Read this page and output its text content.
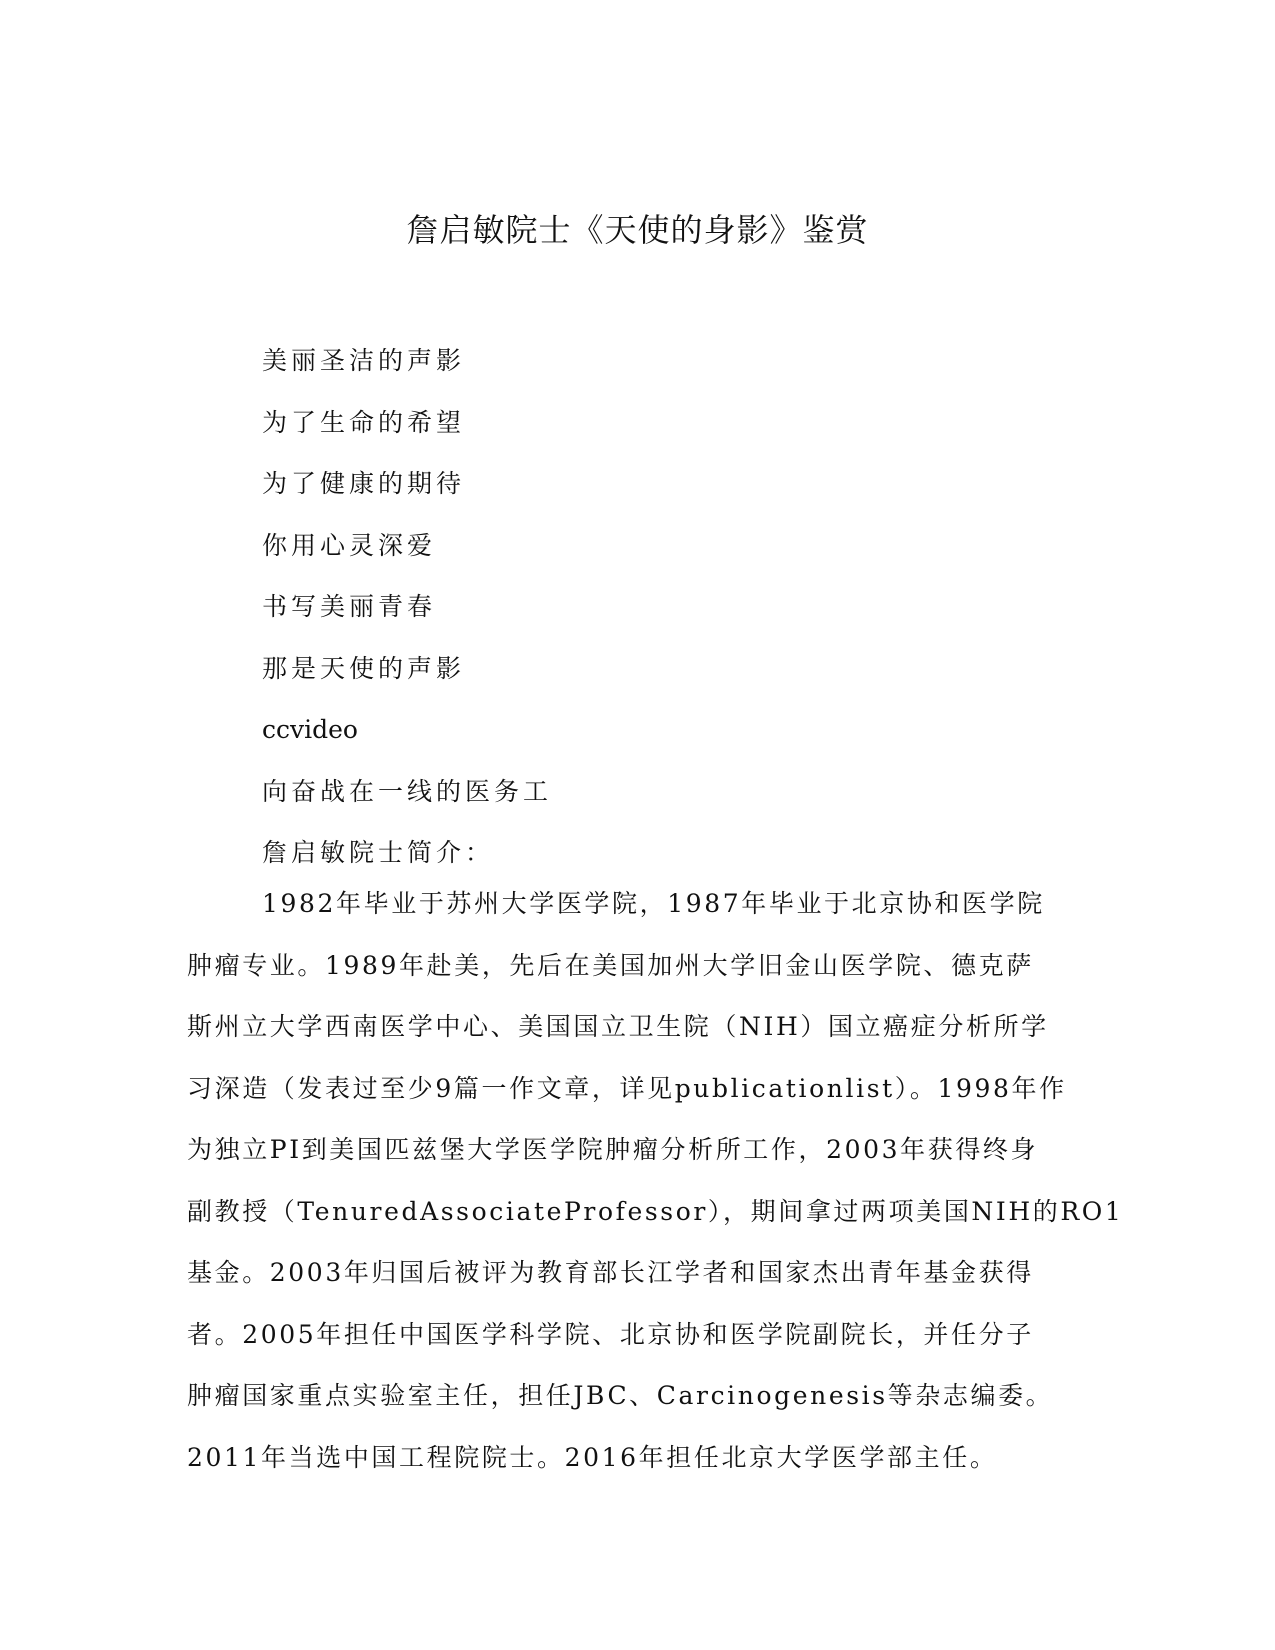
詹启敏院士《天使的身影》鉴赏
美丽圣洁的声影
为了生命的希望
为了健康的期待
你用心灵深爱
书写美丽青春
那是天使的声影
ccvideo
向奋战在一线的医务工
詹启敏院士简介：
1982年毕业于苏州大学医学院，1987年毕业于北京协和医学院
肿瘤专业。1989年赴美，先后在美国加州大学旧金山医学院、德克萨
斯州立大学西南医学中心、美国国立卫生院（NIH）国立癌症分析所学
习深造（发表过至少9篇一作文章，详见publicationlist）。1998年作
为独立PI到美国匹兹堡大学医学院肿瘤分析所工作，2003年获得终身
副教授（TenuredAssociateProfessor），期间拿过两项美国NIH的RO1
基金。2003年归国后被评为教育部长江学者和国家杰出青年基金获得
者。2005年担任中国医学科学院、北京协和医学院副院长，并任分子
肿瘤国家重点实验室主任，担任JBC、Carcinogenesis等杂志编委。
2011年当选中国工程院院士。2016年担任北京大学医学部主任。
